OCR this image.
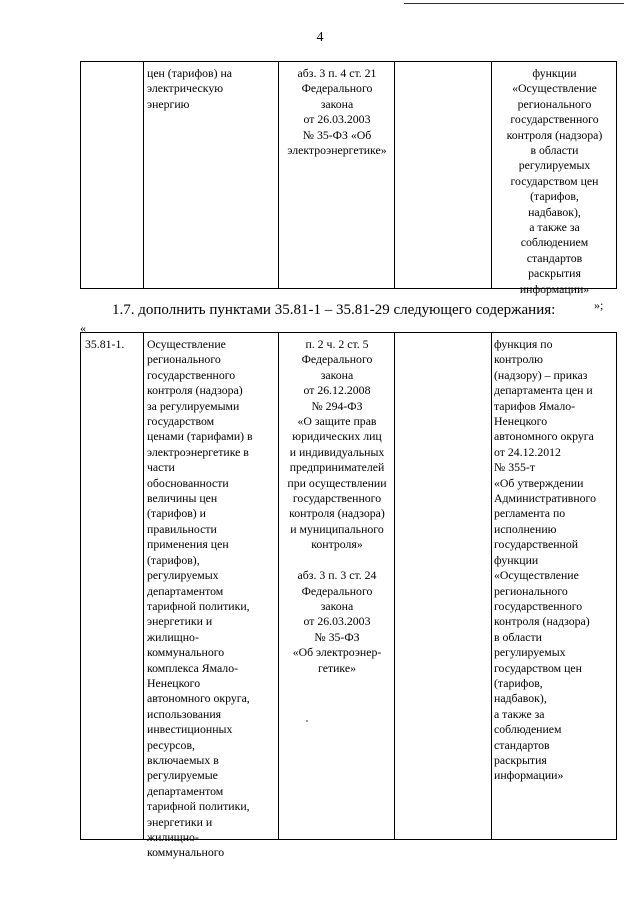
4
цен (тарифов) на
электрическую
энергию
абз. 3 п. 4 ст. 21
Федерального
закона
от 26.03.2003
№ 35-ФЗ «Об
электроэнергетике»
функции
«Осуществление
регионального
государственного
контроля (надзора)
в области
регулируемых
государством цен
(тарифов,
надбавок),
а также за
соблюдением
стандартов
раскрытия
информации»
1.7. дополнить пунктами 35.81-1 – 35.81-29 следующего содержания:	»;
«
35.81-1.	Осуществление
регионального
государственного
контроля (надзора)
за регулируемыми
государством
ценами (тарифами) в
электроэнергетике в
части
обоснованности
величины цен
(тарифов) и
правильности
применения цен
(тарифов),
регулируемых
департаментом
тарифной политики,
энергетики и
жилищно-
коммунального
комплекса Ямало-
Ненецкого
автономного округа,
использования
инвестиционных
ресурсов,
включаемых в
регулируемые
департаментом
тарифной политики,
энергетики и
жилищно-
коммунального
п. 2 ч. 2 ст. 5
Федерального
закона
от 26.12.2008
№ 294-ФЗ
«О защите прав
юридических лиц
и индивидуальных
предпринимателей
при осуществлении
государственного
контроля (надзора)
и муниципального
контроля»

абз. 3 п. 3 ст. 24
Федерального
закона
от 26.03.2003
№ 35-ФЗ
«Об электроэнер-
гетике»
функция по
контролю
(надзору) – приказ
департамента цен и
тарифов Ямало-
Ненецкого
автономного округа
от 24.12.2012
№ 355-т
«Об утверждении
Административного
регламента по
исполнению
государственной
функции
«Осуществление
регионального
государственного
контроля (надзора)
в области
регулируемых
государством цен
(тарифов,
надбавок),
а также за
соблюдением
стандартов
раскрытия
информации»
